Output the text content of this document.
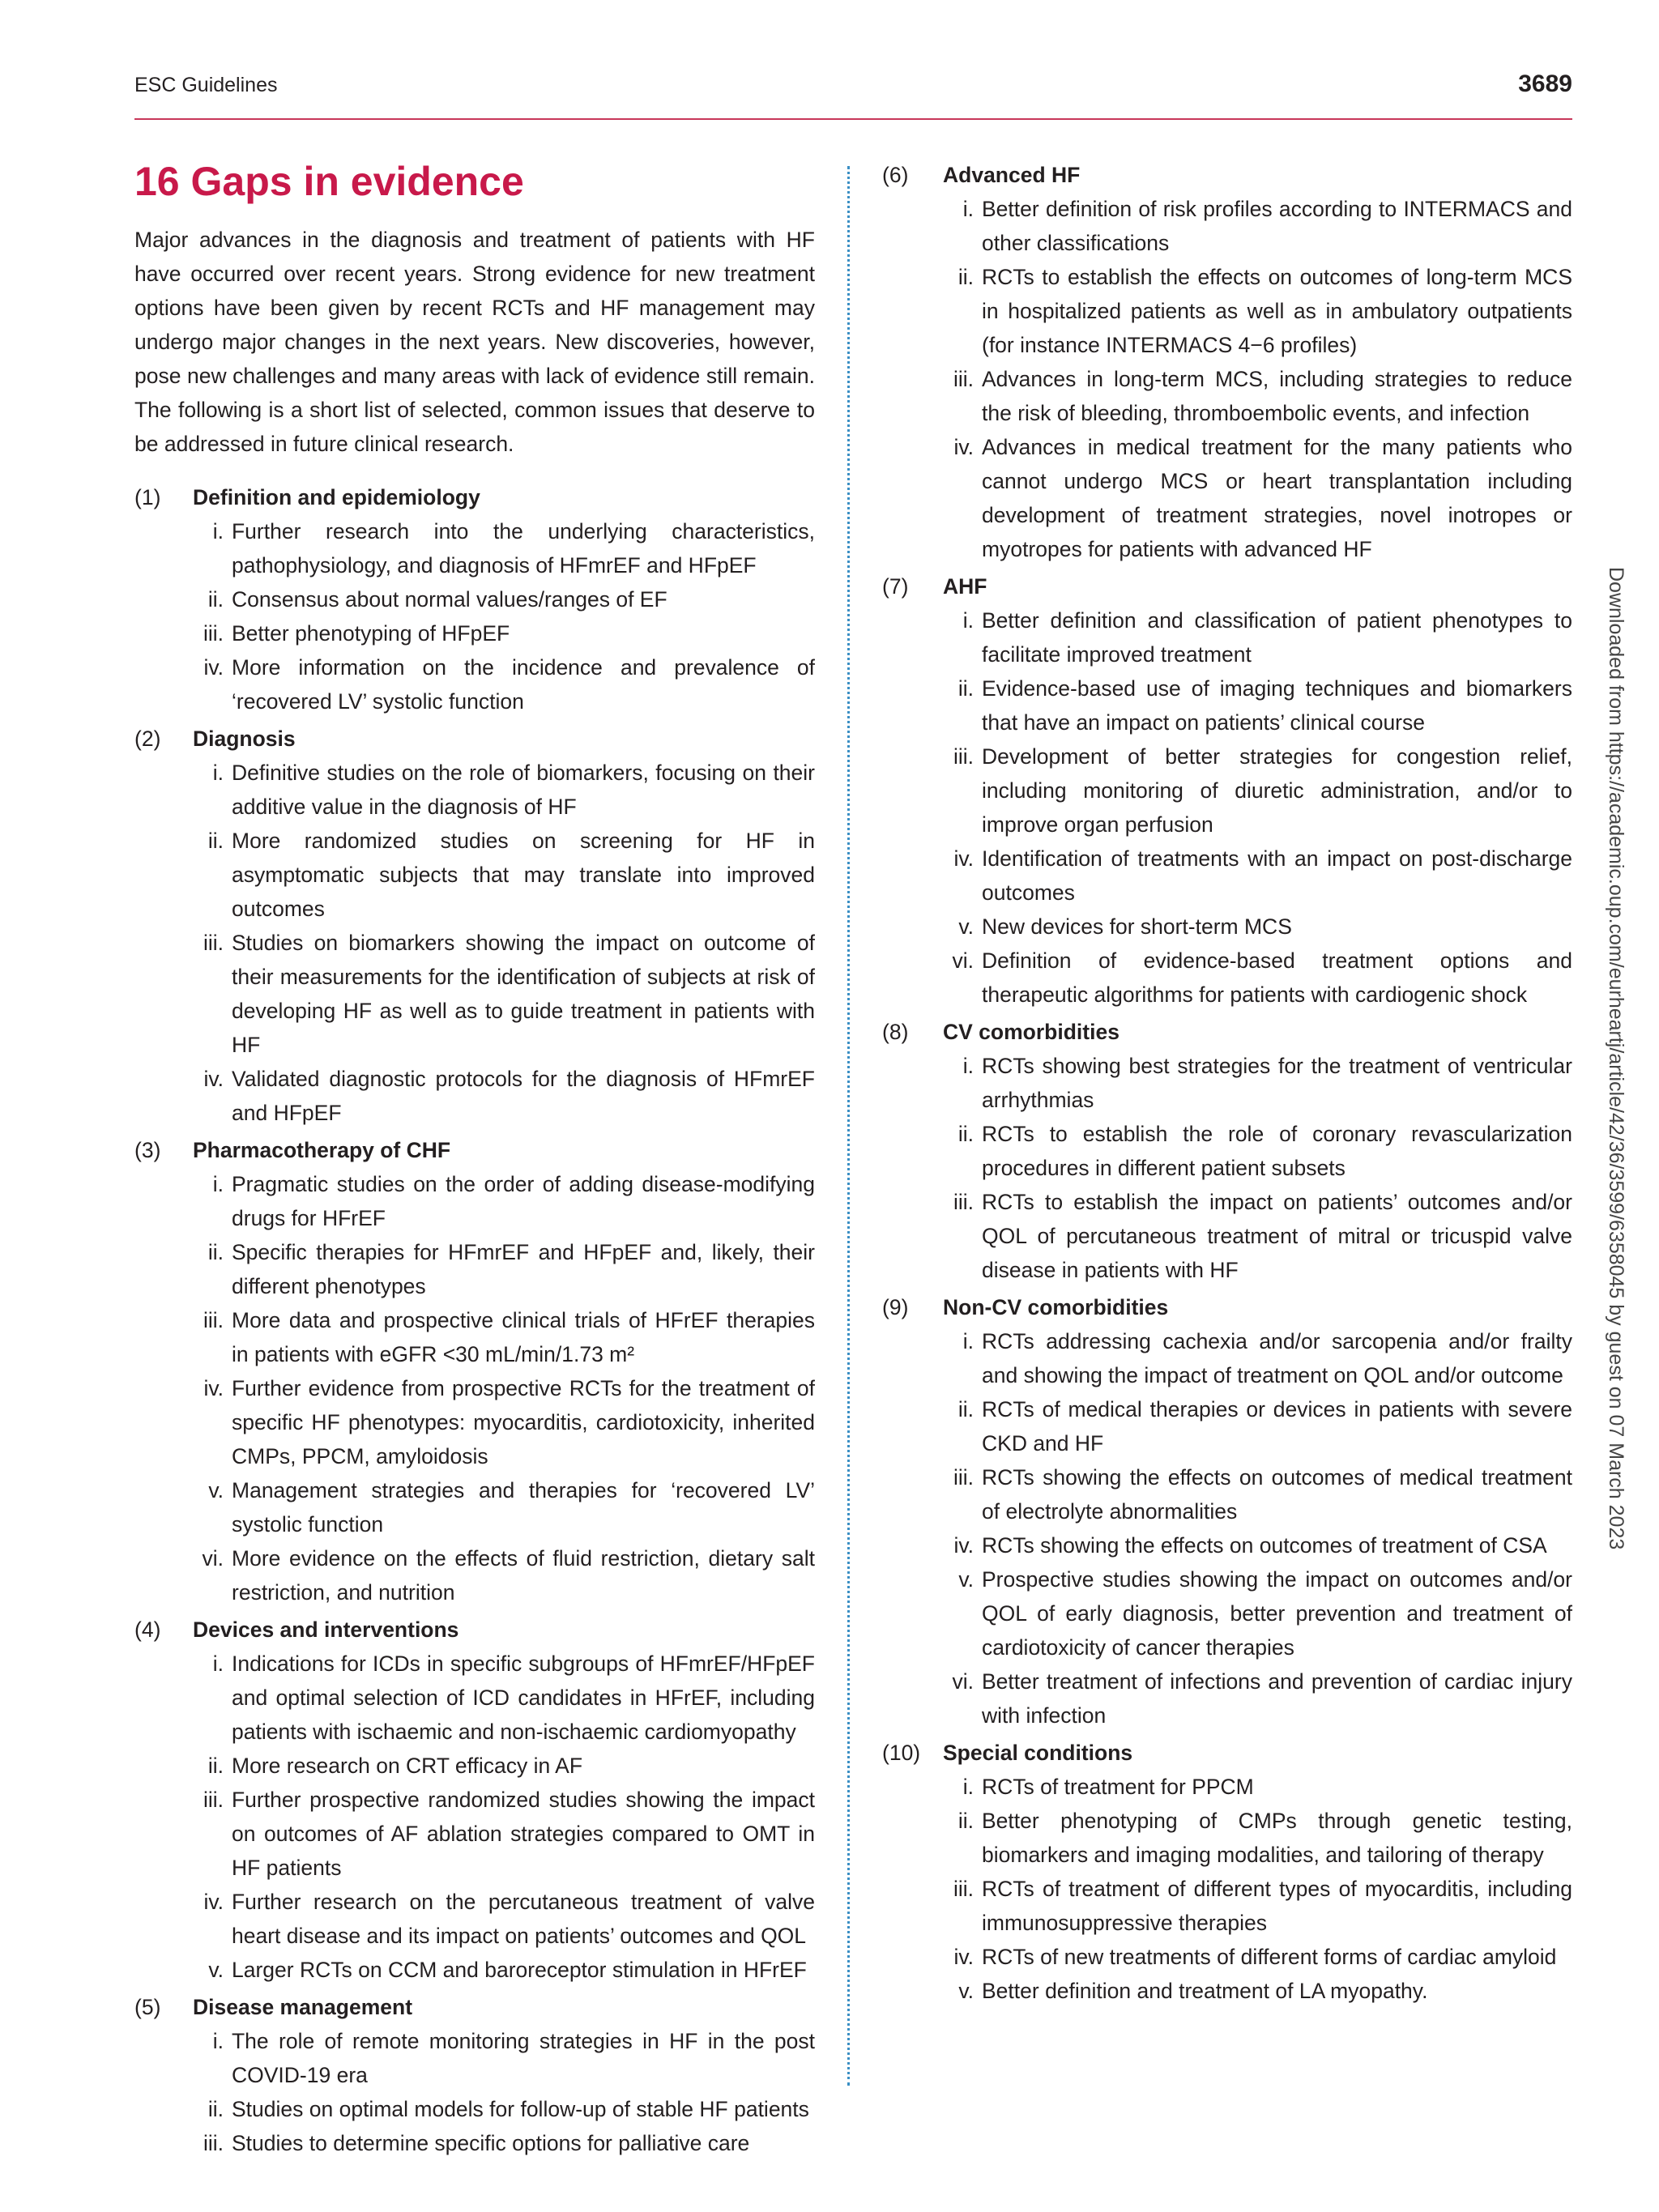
ESC Guidelines	3689
16 Gaps in evidence

Major advances in the diagnosis and treatment of patients with HF have occurred over recent years. Strong evidence for new treatment options have been given by recent RCTs and HF management may undergo major changes in the next years. New discoveries, however, pose new challenges and many areas with lack of evidence still remain. The following is a short list of selected, common issues that deserve to be addressed in future clinical research.

(1)	Definition and epidemiology
i. Further research into the underlying characteristics, pathophysiology, and diagnosis of HFmrEF and HFpEF
ii. Consensus about normal values/ranges of EF
iii. Better phenotyping of HFpEF
iv. More information on the incidence and prevalence of ‘recovered LV’ systolic function
(2)	Diagnosis
i. Definitive studies on the role of biomarkers, focusing on their additive value in the diagnosis of HF
ii. More randomized studies on screening for HF in asymptomatic subjects that may translate into improved outcomes
iii. Studies on biomarkers showing the impact on outcome of their measurements for the identification of subjects at risk of developing HF as well as to guide treatment in patients with HF
iv. Validated diagnostic protocols for the diagnosis of HFmrEF and HFpEF
(3)	Pharmacotherapy of CHF
i. Pragmatic studies on the order of adding disease-modifying drugs for HFrEF
ii. Specific therapies for HFmrEF and HFpEF and, likely, their different phenotypes
iii. More data and prospective clinical trials of HFrEF therapies in patients with eGFR <30 mL/min/1.73 m²
iv. Further evidence from prospective RCTs for the treatment of specific HF phenotypes: myocarditis, cardiotoxicity, inherited CMPs, PPCM, amyloidosis
v. Management strategies and therapies for ‘recovered LV’ systolic function
vi. More evidence on the effects of fluid restriction, dietary salt restriction, and nutrition
(4)	Devices and interventions
i. Indications for ICDs in specific subgroups of HFmrEF/HFpEF and optimal selection of ICD candidates in HFrEF, including patients with ischaemic and non-ischaemic cardiomyopathy
ii. More research on CRT efficacy in AF
iii. Further prospective randomized studies showing the impact on outcomes of AF ablation strategies compared to OMT in HF patients
iv. Further research on the percutaneous treatment of valve heart disease and its impact on patients’ outcomes and QOL
v. Larger RCTs on CCM and baroreceptor stimulation in HFrEF
(5)	Disease management
i. The role of remote monitoring strategies in HF in the post COVID-19 era
ii. Studies on optimal models for follow-up of stable HF patients
iii. Studies to determine specific options for palliative care
(6)	Advanced HF
i. Better definition of risk profiles according to INTERMACS and other classifications
ii. RCTs to establish the effects on outcomes of long-term MCS in hospitalized patients as well as in ambulatory outpatients (for instance INTERMACS 4−6 profiles)
iii. Advances in long-term MCS, including strategies to reduce the risk of bleeding, thromboembolic events, and infection
iv. Advances in medical treatment for the many patients who cannot undergo MCS or heart transplantation including development of treatment strategies, novel inotropes or myotropes for patients with advanced HF
(7)	AHF
i. Better definition and classification of patient phenotypes to facilitate improved treatment
ii. Evidence-based use of imaging techniques and biomarkers that have an impact on patients’ clinical course
iii. Development of better strategies for congestion relief, including monitoring of diuretic administration, and/or to improve organ perfusion
iv. Identification of treatments with an impact on post-discharge outcomes
v. New devices for short-term MCS
vi. Definition of evidence-based treatment options and therapeutic algorithms for patients with cardiogenic shock
(8)	CV comorbidities
i. RCTs showing best strategies for the treatment of ventricular arrhythmias
ii. RCTs to establish the role of coronary revascularization procedures in different patient subsets
iii. RCTs to establish the impact on patients’ outcomes and/or QOL of percutaneous treatment of mitral or tricuspid valve disease in patients with HF
(9)	Non-CV comorbidities
i. RCTs addressing cachexia and/or sarcopenia and/or frailty and showing the impact of treatment on QOL and/or outcome
ii. RCTs of medical therapies or devices in patients with severe CKD and HF
iii. RCTs showing the effects on outcomes of medical treatment of electrolyte abnormalities
iv. RCTs showing the effects on outcomes of treatment of CSA
v. Prospective studies showing the impact on outcomes and/or QOL of early diagnosis, better prevention and treatment of cardiotoxicity of cancer therapies
vi. Better treatment of infections and prevention of cardiac injury with infection
(10)	Special conditions
i. RCTs of treatment for PPCM
ii. Better phenotyping of CMPs through genetic testing, biomarkers and imaging modalities, and tailoring of therapy
iii. RCTs of treatment of different types of myocarditis, including immunosuppressive therapies
iv. RCTs of new treatments of different forms of cardiac amyloid
v. Better definition and treatment of LA myopathy.
Downloaded from https://academic.oup.com/eurheartj/article/42/36/3599/6358045 by guest on 07 March 2023
